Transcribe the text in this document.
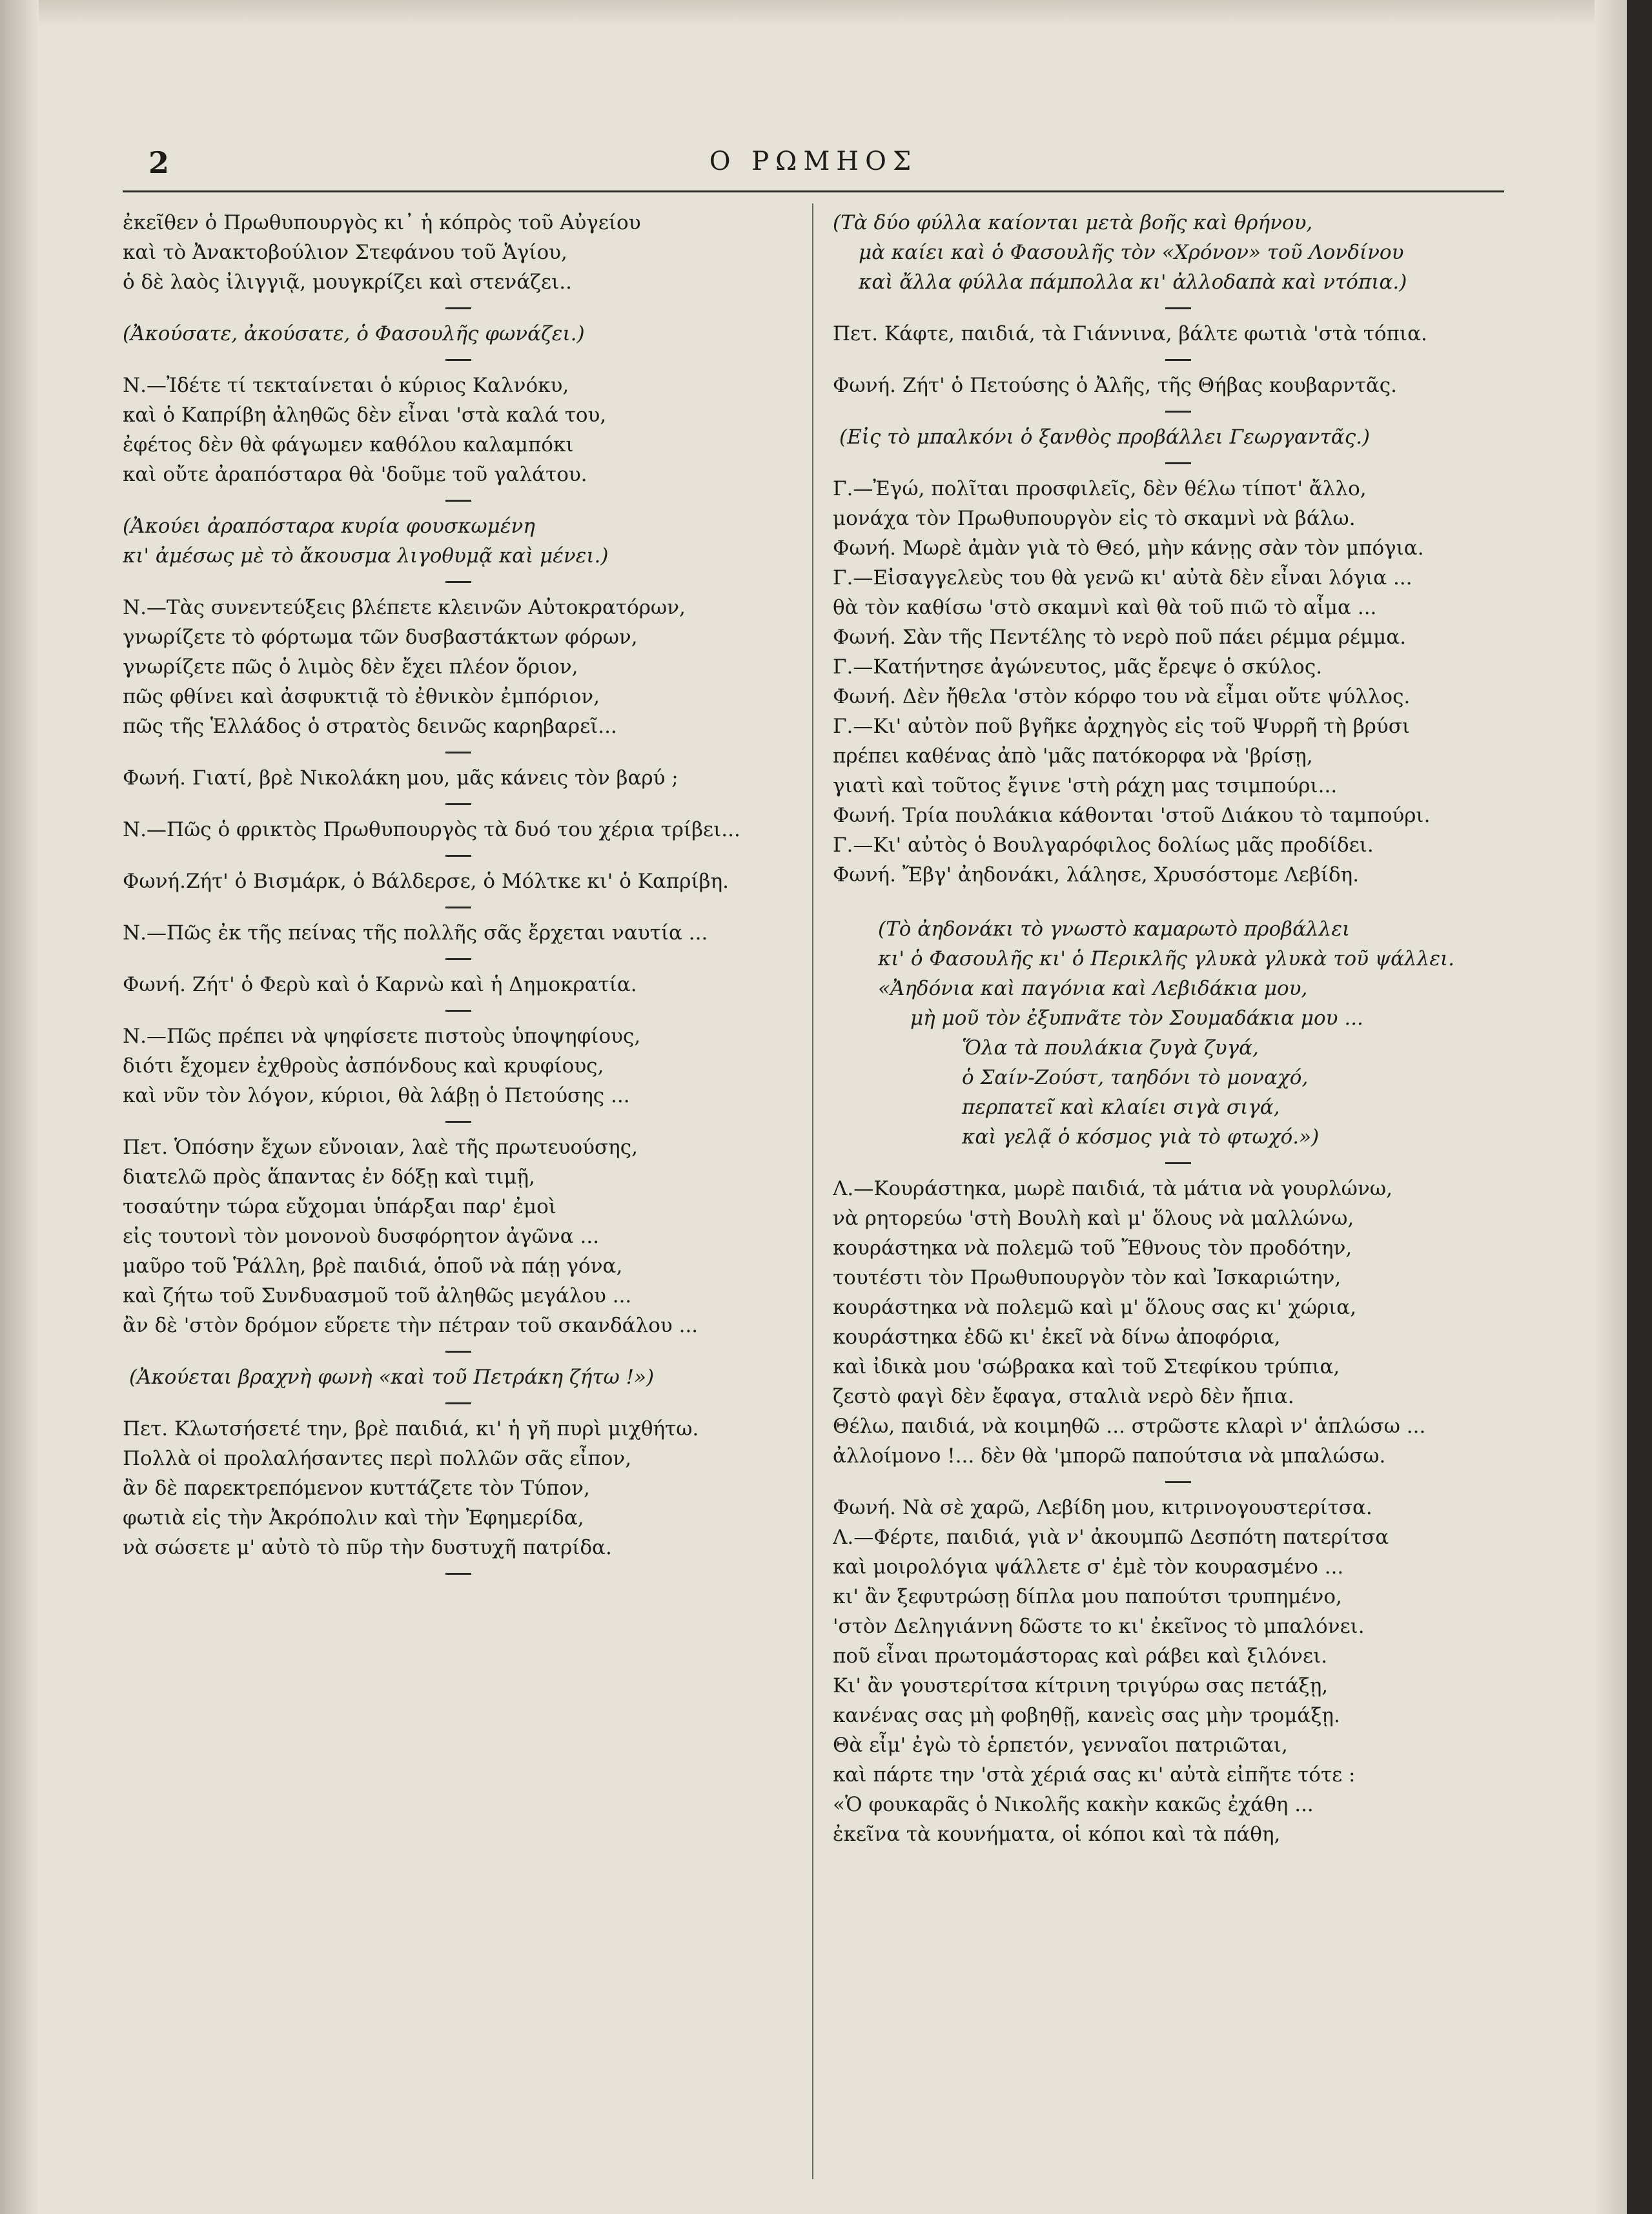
2	Ο ΡΩΜΗΟΣ
ἐκεῖθεν ὁ Πρωθυπουργὸς κι᾽ ἡ κόπρὸς τοῦ Αὐγείου
καὶ τὸ Ἀνακτοβούλιον Στεφάνου τοῦ Ἁγίου,
ὁ δὲ λαὸς ἰλιγγιᾷ, μουγκρίζει καὶ στενάζει..
(Ἀκούσατε, ἀκούσατε, ὁ Φασουλῆς φωνάζει.)
Ν.—Ἰδέτε τί τεκταίνεται ὁ κύριος Καλνόκυ,
καὶ ὁ Καπρίβη ἀληθῶς δὲν εἶναι 'στὰ καλά του,
ἐφέτος δὲν θὰ φάγωμεν καθόλου καλαμπόκι
καὶ οὔτε ἀραπόσταρα θὰ 'δοῦμε τοῦ γαλάτου.
(Ἀκούει ἀραπόσταρα κυρία φουσκωμένη
κι' ἀμέσως μὲ τὸ ἄκουσμα λιγοθυμᾷ καὶ μένει.)
Ν.—Τὰς συνεντεύξεις βλέπετε κλεινῶν Αὐτοκρατόρων,
γνωρίζετε τὸ φόρτωμα τῶν δυσβαστάκτων φόρων,
γνωρίζετε πῶς ὁ λιμὸς δὲν ἔχει πλέον ὅριον,
πῶς φθίνει καὶ ἀσφυκτιᾷ τὸ ἐθνικὸν ἐμπόριον,
πῶς τῆς Ἑλλάδος ὁ στρατὸς δεινῶς καρηβαρεῖ...
Φωνή. Γιατί, βρὲ Νικολάκη μου, μᾶς κάνεις τὸν βαρύ ;
Ν.—Πῶς ὁ φρικτὸς Πρωθυπουργὸς τὰ δυό του χέρια τρίβει...
Φωνή.Ζήτ' ὁ Βισμάρκ, ὁ Βάλδερσε, ὁ Μόλτκε κι' ὁ Καπρίβη.
Ν.—Πῶς ἐκ τῆς πείνας τῆς πολλῆς σᾶς ἔρχεται ναυτία ...
Φωνή. Ζήτ' ὁ Φερὺ καὶ ὁ Καρνὼ καὶ ἡ Δημοκρατία.
Ν.—Πῶς πρέπει νὰ ψηφίσετε πιστοὺς ὑποψηφίους,
διότι ἔχομεν ἐχθροὺς ἀσπόνδους καὶ κρυφίους,
καὶ νῦν τὸν λόγον, κύριοι, θὰ λάβῃ ὁ Πετούσης ...
Πετ. Ὁπόσην ἔχων εὔνοιαν, λαὲ τῆς πρωτευούσης,
διατελῶ πρὸς ἅπαντας ἐν δόξῃ καὶ τιμῇ,
τοσαύτην τώρα εὔχομαι ὑπάρξαι παρ' ἐμοὶ
εἰς τουτονὶ τὸν μονονοὺ δυσφόρητον ἀγῶνα ...
μαῦρο τοῦ Ῥάλλη, βρὲ παιδιά, ὁποῦ νὰ πάῃ γόνα,
καὶ ζήτω τοῦ Συνδυασμοῦ τοῦ ἀληθῶς μεγάλου ...
ἂν δὲ 'στὸν δρόμον εὕρετε τὴν πέτραν τοῦ σκανδάλου ...
(Ἀκούεται βραχνὴ φωνὴ «καὶ τοῦ Πετράκη ζήτω !»)
Πετ. Κλωτσήσετέ την, βρὲ παιδιά, κι' ἡ γῆ πυρὶ μιχθήτω.
Πολλὰ οἱ προλαλήσαντες περὶ πολλῶν σᾶς εἶπον,
ἂν δὲ παρεκτρεπόμενον κυττάζετε τὸν Τύπον,
φωτιὰ εἰς τὴν Ἀκρόπολιν καὶ τὴν Ἐφημερίδα,
νὰ σώσετε μ' αὐτὸ τὸ πῦρ τὴν δυστυχῆ πατρίδα.
(Τὰ δύο φύλλα καίονται μετὰ βοῆς καὶ θρήνου,
μὰ καίει καὶ ὁ Φασουλῆς τὸν «Χρόνον» τοῦ Λονδίνου
καὶ ἄλλα φύλλα πάμπολλα κι' ἀλλοδαπὰ καὶ ντόπια.)
Πετ. Κάφτε, παιδιά, τὰ Γιάννινα, βάλτε φωτιὰ 'στὰ τόπια.
Φωνή. Ζήτ' ὁ Πετούσης ὁ Ἀλῆς, τῆς Θήβας κουβαρντᾶς.
(Εἰς τὸ μπαλκόνι ὁ ξανθὸς προβάλλει Γεωργαντᾶς.)
Γ.—Ἐγώ, πολῖται προσφιλεῖς, δὲν θέλω τίποτ' ἄλλο,
μονάχα τὸν Πρωθυπουργὸν εἰς τὸ σκαμνὶ νὰ βάλω.
Φωνή. Μωρὲ ἀμὰν γιὰ τὸ Θεό, μὴν κάνῃς σὰν τὸν μπόγια.
Γ.—Εἰσαγγελεὺς του θὰ γενῶ κι' αὐτὰ δὲν εἶναι λόγια ...
θὰ τὸν καθίσω 'στὸ σκαμνὶ καὶ θὰ τοῦ πιῶ τὸ αἷμα ...
Φωνή. Σὰν τῆς Πεντέλης τὸ νερὸ ποῦ πάει ρέμμα ρέμμα.
Γ.—Κατήντησε ἀγώνευτος, μᾶς ἔρεψε ὁ σκύλος.
Φωνή. Δὲν ἤθελα 'στὸν κόρφο του νὰ εἶμαι οὔτε ψύλλος.
Γ.—Κι' αὐτὸν ποῦ βγῆκε ἀρχηγὸς εἰς τοῦ Ψυρρῆ τὴ βρύσι
πρέπει καθένας ἀπὸ 'μᾶς πατόκορφα νὰ 'βρίσῃ,
γιατὶ καὶ τοῦτος ἔγινε 'στὴ ράχη μας τσιμπούρι...
Φωνή. Τρία πουλάκια κάθονται 'στοῦ Διάκου τὸ ταμπούρι.
Γ.—Κι' αὐτὸς ὁ Βουλγαρόφιλος δολίως μᾶς προδίδει.
Φωνή. Ἔβγ' ἀηδονάκι, λάλησε, Χρυσόστομε Λεβίδη.
(Τὸ ἀηδονάκι τὸ γνωστὸ καμαρωτὸ προβάλλει
κι' ὁ Φασουλῆς κι' ὁ Περικλῆς γλυκὰ γλυκὰ τοῦ ψάλλει.
«Ἀηδόνια καὶ παγόνια καὶ Λεβιδάκια μου,
μὴ μοῦ τὸν ἐξυπνᾶτε τὸν Σουμαδάκια μου ...
Ὅλα τὰ πουλάκια ζυγὰ ζυγά,
ὁ Σαίν-Ζούστ, ταηδόνι τὸ μοναχό,
περπατεῖ καὶ κλαίει σιγὰ σιγά,
καὶ γελᾷ ὁ κόσμος γιὰ τὸ φτωχό.»)
Λ.—Κουράστηκα, μωρὲ παιδιά, τὰ μάτια νὰ γουρλώνω,
νὰ ρητορεύω 'στὴ Βουλὴ καὶ μ' ὅλους νὰ μαλλώνω,
κουράστηκα νὰ πολεμῶ τοῦ Ἔθνους τὸν προδότην,
τουτέστι τὸν Πρωθυπουργὸν τὸν καὶ Ἰσκαριώτην,
κουράστηκα νὰ πολεμῶ καὶ μ' ὅλους σας κι' χώρια,
κουράστηκα ἐδῶ κι' ἐκεῖ νὰ δίνω ἀποφόρια,
καὶ ἰδικὰ μου 'σώβρακα καὶ τοῦ Στεφίκου τρύπια,
ζεστὸ φαγὶ δὲν ἔφαγα, σταλιὰ νερὸ δὲν ἤπια.
Θέλω, παιδιά, νὰ κοιμηθῶ ... στρῶστε κλαρὶ ν' ἁπλώσω ...
ἀλλοίμονο !... δὲν θὰ 'μπορῶ παπούτσια νὰ μπαλώσω.
Φωνή. Νὰ σὲ χαρῶ, Λεβίδη μου, κιτρινογουστερίτσα.
Λ.—Φέρτε, παιδιά, γιὰ ν' ἀκουμπῶ Δεσπότη πατερίτσα
καὶ μοιρολόγια ψάλλετε σ' ἐμὲ τὸν κουρασμένο ...
κι' ἂν ξεφυτρώσῃ δίπλα μου παπούτσι τρυπημένο,
'στὸν Δεληγιάννη δῶστε το κι' ἐκεῖνος τὸ μπαλόνει.
ποῦ εἶναι πρωτομάστορας καὶ ράβει καὶ ξιλόνει.
Κι' ἂν γουστερίτσα κίτρινη τριγύρω σας πετάξῃ,
κανένας σας μὴ φοβηθῇ, κανεὶς σας μὴν τρομάξῃ.
Θὰ εἶμ' ἐγὼ τὸ ἑρπετόν, γενναῖοι πατριῶται,
καὶ πάρτε την 'στὰ χέριά σας κι' αὐτὰ εἰπῆτε τότε :
«Ὁ φουκαρᾶς ὁ Νικολῆς κακὴν κακῶς ἐχάθη ...
ἐκεῖνα τὰ κουνήματα, οἱ κόποι καὶ τὰ πάθη,
